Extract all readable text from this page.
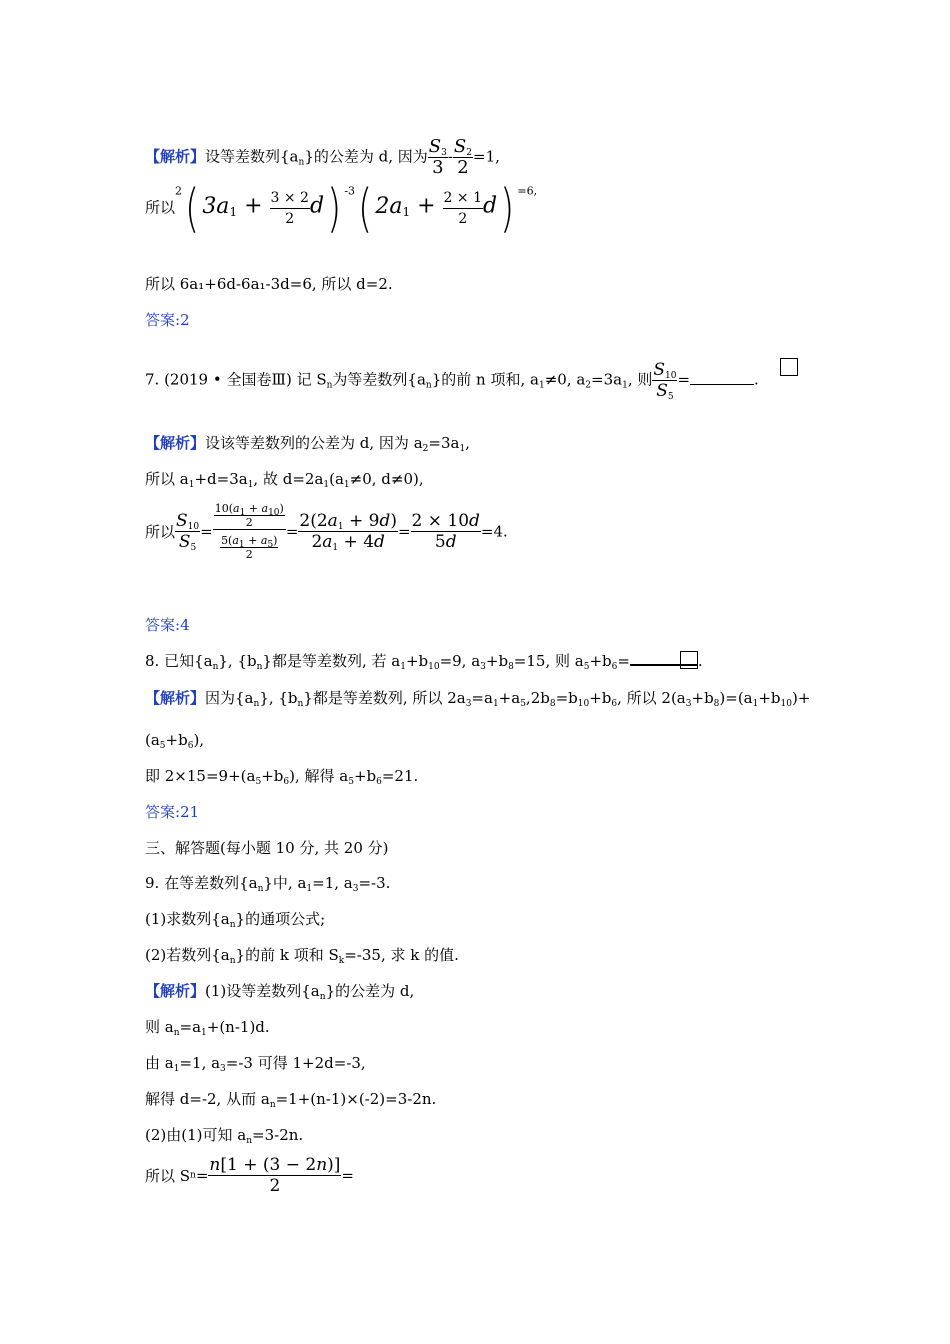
【解析】设等差数列$\{a_n\}$的公差为 d, 因为 $\frac{S_3}{3} - \frac{S_2}{2} =1$,
所以$^2$( $3a_1 + \frac{3 \times 2}{2} d$) $^{-3}$( $2a_1 + \frac{2 \times 1}{2} d$) $^{=6,}$
所以 6a₁+6d-6a₁-3d=6, 所以 d=2.
答案:2
7. (2019 • 全国卷Ⅲ) 记 $S_n$为等差数列$\{a_n\}$的前 n 项和, $a_1\ne 0$, $a_2=3a_1$, 则 $\frac{S_{10}}{S_5}$ =	.
【解析】设该等差数列的公差为 d, 因为 $a_2=3a_1$,
所以 $a_1+d=3a_1$, 故 $d=2a_1(a_1\ne 0$, d≠0),
所以 $\frac{S_{10}}{S_5} = \frac{\frac{10(a_1 + a_{10})}{2}}{\frac{5(a_1 + a_5)}{2}} = \frac{2(2a_1 + 9d)}{2a_1 + 4d} = \frac{2 \times 10d}{5d} =4$.
答案:4
8. 已知$\{a_n\}$, $\{b_n\}$都是等差数列, 若 $a_1+b_{10}=9$, $a_3+b_8=15$, 则 $a_5+b_6=$	.
【解析】因为$\{a_n\}$, $\{b_n\}$都是等差数列, 所以 $2a_3=a_1+a_5,2b_8=b_{10}+b_6$, 所以 $2(a_3+b_8)=(a_1+b_{10})+$
$(a_5+b_6)$,
即 $2\times 15=9+(a_5+b_6)$, 解得 $a_5+b_6=21$.
答案:21
三、解答题(每小题 10 分, 共 20 分)
9. 在等差数列$\{a_n\}$中, $a_1=1$, $a_3=-3$.
(1)求数列$\{a_n\}$的通项公式;
(2)若数列$\{a_n\}$的前 k 项和 $S_k=-35$, 求 k 的值.
【解析】(1)设等差数列$\{a_n\}$的公差为 d,
则 $a_n=a_1+(n-1)d$.
由 $a_1=1$, $a_3=-3$ 可得 1+2d=-3,
解得 d=-2, 从而 $a_n=1+(n-1)\times(-2)=3-2n$.
(2)由(1)可知 $a_n=3-2n$.
所以 $Sn= \frac{n[1 + (3 - 2n)]}{2}$ =
